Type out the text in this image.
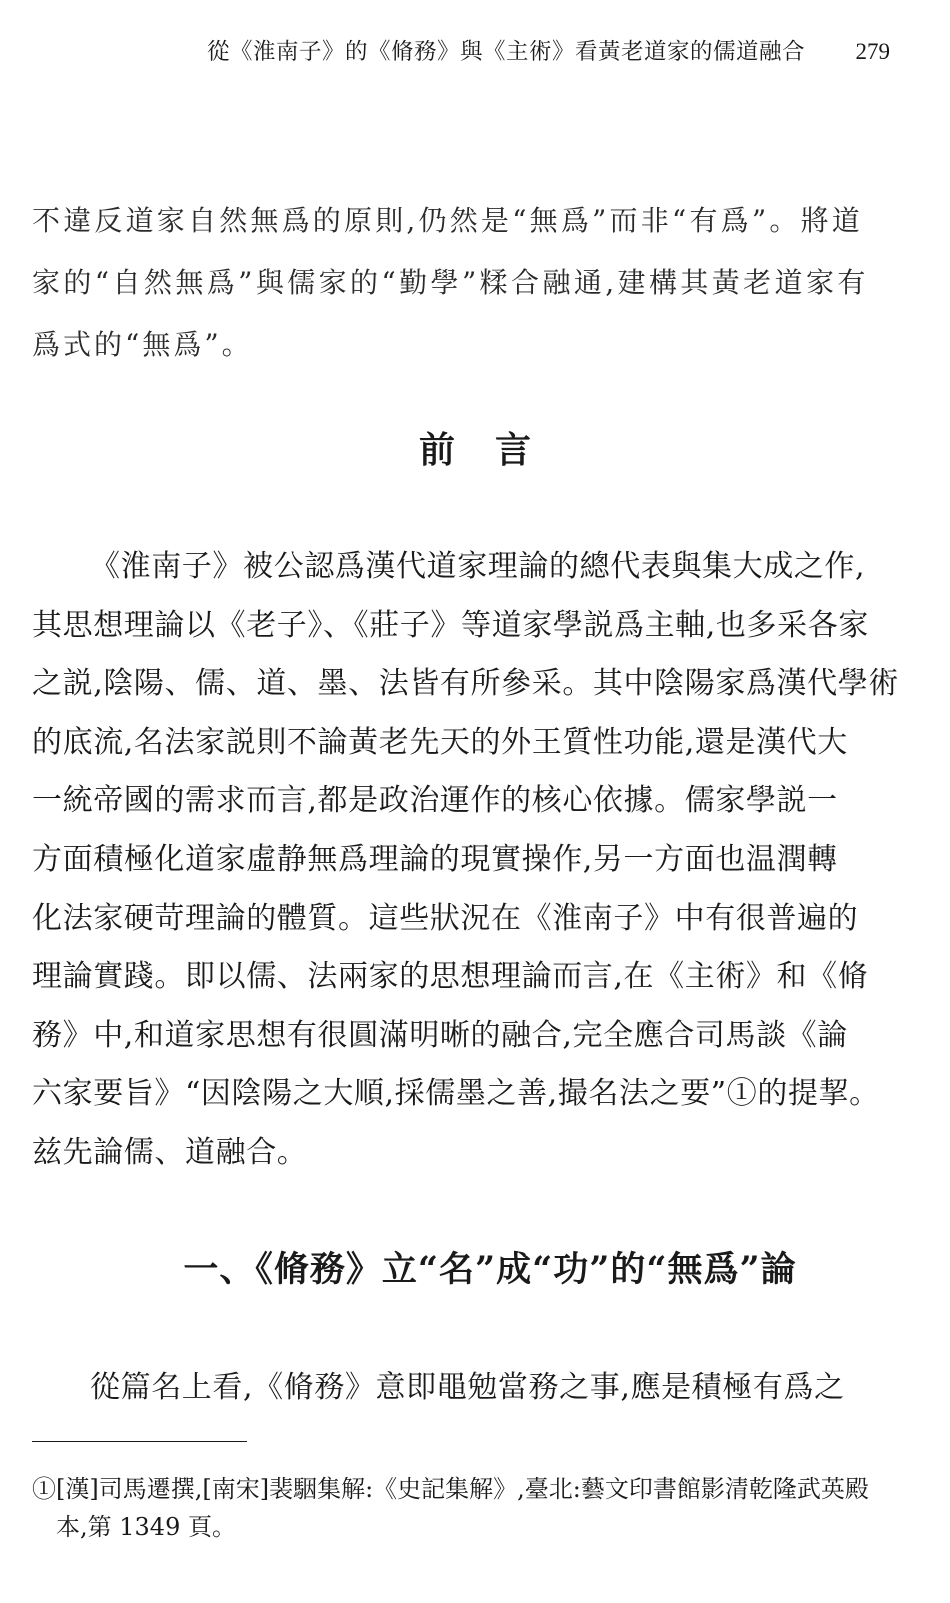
從《淮南子》的《脩務》與《主術》看黃老道家的儒道融合 279
不違反道家自然無爲的原則,仍然是“無爲”而非“有爲”。將道
家的“自然無爲”與儒家的“勤學”糅合融通,建構其黃老道家有
爲式的“無爲”。
前言
《淮南子》被公認爲漢代道家理論的總代表與集大成之作,
其思想理論以《老子》、《莊子》等道家學説爲主軸,也多采各家
之説,陰陽、儒、道、墨、法皆有所參采。其中陰陽家爲漢代學術
的底流,名法家説則不論黃老先天的外王質性功能,還是漢代大
一統帝國的需求而言,都是政治運作的核心依據。儒家學説一
方面積極化道家虛静無爲理論的現實操作,另一方面也温潤轉
化法家硬苛理論的體質。這些狀況在《淮南子》中有很普遍的
理論實踐。即以儒、法兩家的思想理論而言,在《主術》和《脩
務》中,和道家思想有很圓滿明晰的融合,完全應合司馬談《論
六家要旨》“因陰陽之大順,採儒墨之善,撮名法之要”①的提挈。
兹先論儒、道融合。
一、《脩務》立“名”成“功”的“無爲”論
從篇名上看,《脩務》意即黽勉當務之事,應是積極有爲之
①[漢]司馬遷撰,[南宋]裴駰集解:《史記集解》,臺北:藝文印書館影清乾隆武英殿
本,第 1349 頁。
